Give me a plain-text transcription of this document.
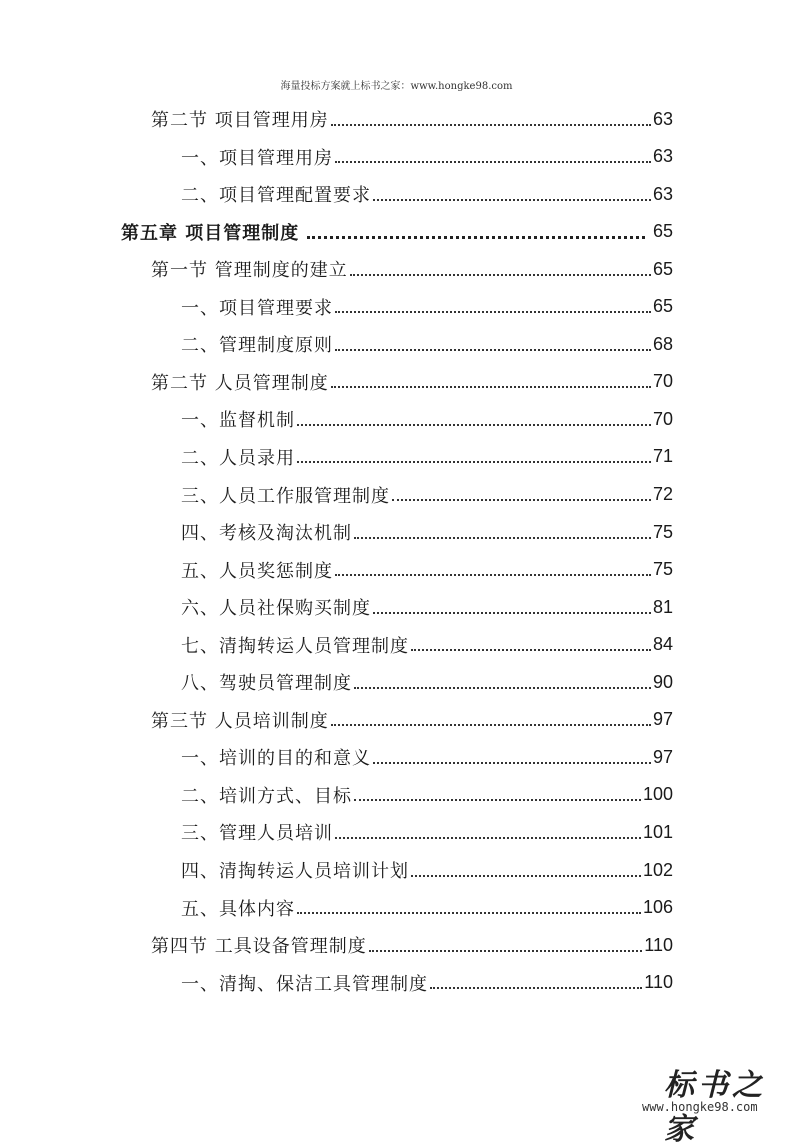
海量投标方案就上标书之家：www.hongke98.com
第二节 项目管理用房	63
一、项目管理用房	63
二、项目管理配置要求	63
第五章 项目管理制度	65
第一节 管理制度的建立	65
一、项目管理要求	65
二、管理制度原则	68
第二节 人员管理制度	70
一、监督机制	70
二、人员录用	71
三、人员工作服管理制度	72
四、考核及淘汰机制	75
五、人员奖惩制度	75
六、人员社保购买制度	81
七、清掏转运人员管理制度	84
八、驾驶员管理制度	90
第三节 人员培训制度	97
一、培训的目的和意义	97
二、培训方式、目标	100
三、管理人员培训	101
四、清掏转运人员培训计划	102
五、具体内容	106
第四节 工具设备管理制度	110
一、清掏、保洁工具管理制度	110
标书之家
www.hongke98.com
